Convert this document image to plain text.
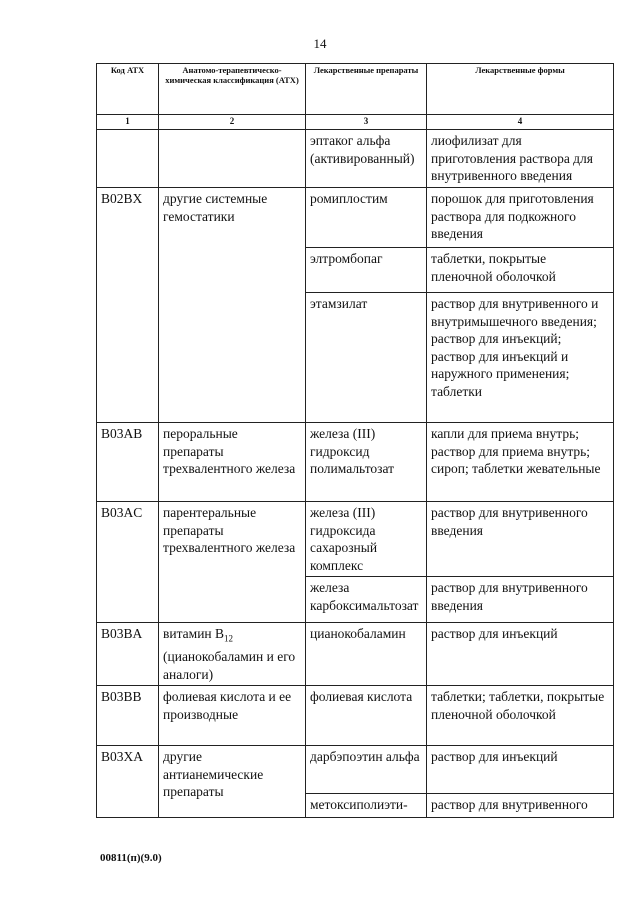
14
Код АТХ	Анатомо-терапевтическо-химическая классификация (АТХ)	Лекарственные препараты	Лекарственные формы
1	2	3	4
		эптаког альфа (активированный)	лиофилизат для приготовления раствора для внутривенного введения
B02BX	другие системные гемостатики	ромиплостим	порошок для приготовления раствора для подкожного введения
		элтромбопаг	таблетки, покрытые пленочной оболочкой
		этамзилат	раствор для внутривенного и внутримышечного введения; раствор для инъекций; раствор для инъекций и наружного применения; таблетки
B03AB	пероральные препараты трехвалентного железа	железа (III) гидроксид полимальтозат	капли для приема внутрь; раствор для приема внутрь; сироп; таблетки жевательные
B03AC	парентеральные препараты трехвалентного железа	железа (III) гидроксида сахарозный комплекс	раствор для внутривенного введения
		железа карбоксимальтозат	раствор для внутривенного введения
B03BA	витамин $B_{12}$ (цианокобаламин и его аналоги)	цианокобаламин	раствор для инъекций
B03BB	фолиевая кислота и ее производные	фолиевая кислота	таблетки; таблетки, покрытые пленочной оболочкой
B03XA	другие антианемические препараты	дарбэпоэтин альфа	раствор для инъекций
		метоксиполиэти-	раствор для внутривенного
00811(п)(9.0)
